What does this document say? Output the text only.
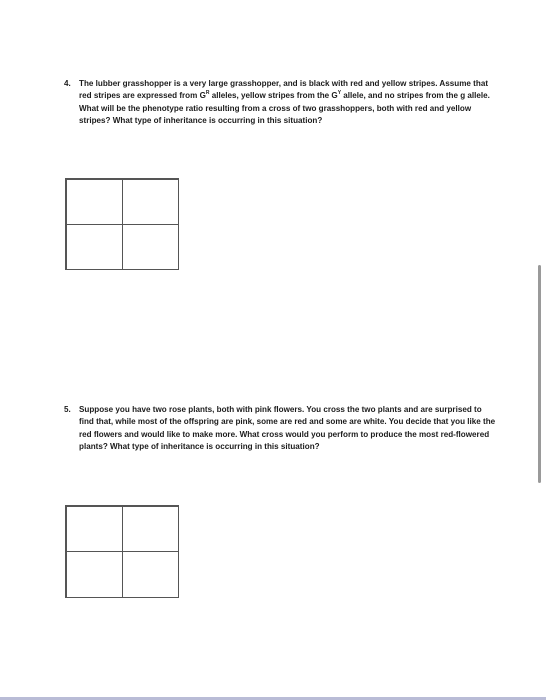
4. The lubber grasshopper is a very large grasshopper, and is black with red and yellow stripes. Assume that red stripes are expressed from $G^R$ alleles, yellow stripes from the $G^Y$ allele, and no stripes from the g allele. What will be the phenotype ratio resulting from a cross of two grasshoppers, both with red and yellow stripes? What type of inheritance is occurring in this situation?
5. Suppose you have two rose plants, both with pink flowers. You cross the two plants and are surprised to find that, while most of the offspring are pink, some are red and some are white. You decide that you like the red flowers and would like to make more. What cross would you perform to produce the most red-flowered plants? What type of inheritance is occurring in this situation?
